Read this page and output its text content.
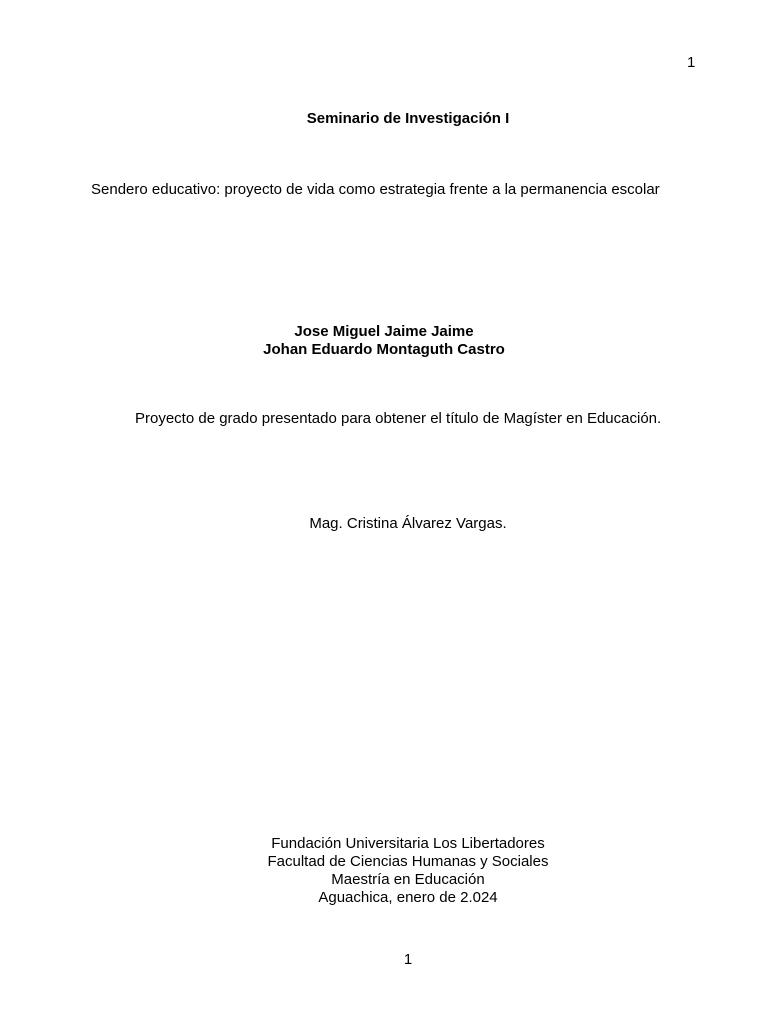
1
Seminario de Investigación I
Sendero educativo: proyecto de vida como estrategia frente a la permanencia escolar
Jose Miguel Jaime Jaime
Johan Eduardo Montaguth Castro
Proyecto de grado presentado para obtener el título de Magíster en Educación.
Mag. Cristina Álvarez Vargas.
Fundación Universitaria Los Libertadores
Facultad de Ciencias Humanas y Sociales
Maestría en Educación
Aguachica, enero de 2.024
1
